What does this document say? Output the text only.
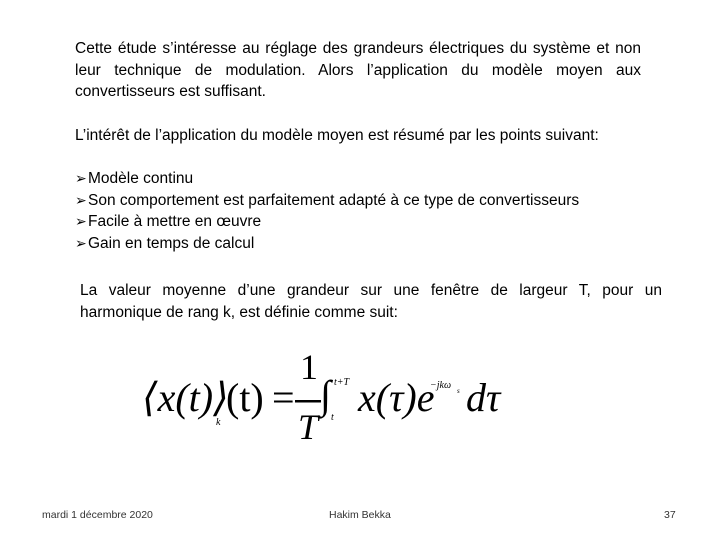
Cette étude s’intéresse au réglage des grandeurs électriques du système et non leur technique de modulation. Alors l’application du modèle moyen aux convertisseurs est suffisant.

L’intérêt de l’application du modèle moyen est résumé par les points suivant:

➢Modèle continu
➢Son comportement est parfaitement adapté à ce type de convertisseurs
➢Facile à mettre en œuvre
➢Gain en temps de calcul

La valeur moyenne d’une grandeur sur une fenêtre de largeur T, pour un harmonique de rang k, est définie comme suit:

⟨x(t)⟩
k
(t) =
1
T
∫ t+T
t x(τ)e
−jkω s dτ
mardi 1 décembre 2020	Hakim Bekka	37
